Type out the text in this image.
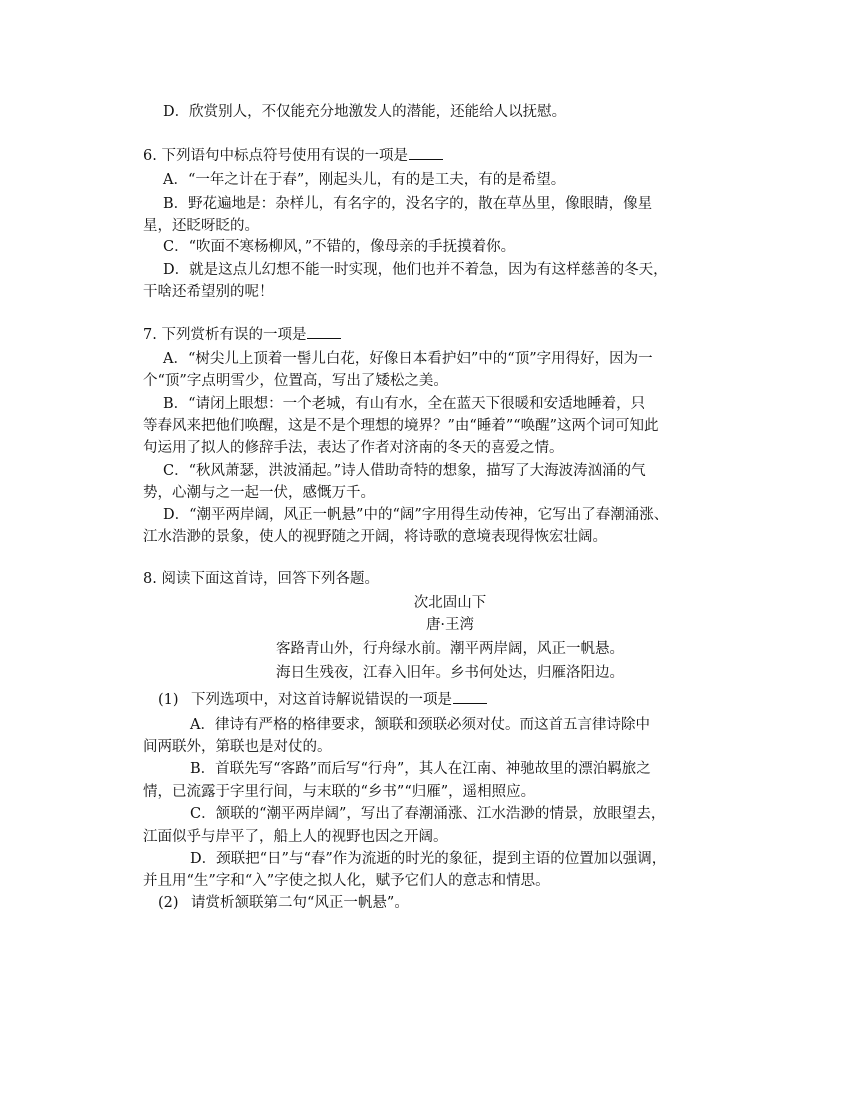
D．欣赏别人，不仅能充分地激发人的潜能，还能给人以抚慰。
6. 下列语句中标点符号使用有误的一项是
A．“一年之计在于春”，刚起头儿，有的是工夫，有的是希望。
B．野花遍地是：杂样儿，有名字的，没名字的，散在草丛里，像眼睛，像星
星，还眨呀眨的。
C．“吹面不寒杨柳风，”不错的，像母亲的手抚摸着你。
D．就是这点儿幻想不能一时实现，他们也并不着急，因为有这样慈善的冬天，
干啥还希望别的呢！
7. 下列赏析有误的一项是
A．“树尖儿上顶着一髻儿白花，好像日本看护妇”中的“顶”字用得好，因为一
个“顶”字点明雪少，位置高，写出了矮松之美。
B．“请闭上眼想：一个老城，有山有水，全在蓝天下很暖和安适地睡着，只
等春风来把他们唤醒，这是不是个理想的境界？”由“睡着”“唤醒”这两个词可知此
句运用了拟人的修辞手法，表达了作者对济南的冬天的喜爱之情。
C．“秋风萧瑟，洪波涌起。”诗人借助奇特的想象，描写了大海波涛汹涌的气
势，心潮与之一起一伏，感慨万千。
D．“潮平两岸阔，风正一帆悬”中的“阔”字用得生动传神，它写出了春潮涌涨、
江水浩渺的景象，使人的视野随之开阔，将诗歌的意境表现得恢宏壮阔。
8. 阅读下面这首诗，回答下列各题。
次北固山下
唐·王湾
客路青山外，行舟绿水前。潮平两岸阔，风正一帆悬。
海日生残夜，江春入旧年。乡书何处达，归雁洛阳边。
(1) 下列选项中，对这首诗解说错误的一项是
A．律诗有严格的格律要求，颔联和颈联必须对仗。而这首五言律诗除中
间两联外，第联也是对仗的。
B．首联先写“客路”而后写“行舟”，其人在江南、神驰故里的漂泊羁旅之
情，已流露于字里行间，与末联的“乡书”“归雁”，遥相照应。
C．颔联的“潮平两岸阔”，写出了春潮涌涨、江水浩渺的情景，放眼望去，
江面似乎与岸平了，船上人的视野也因之开阔。
D．颈联把“日”与“春”作为流逝的时光的象征，提到主语的位置加以强调，
并且用“生”字和“入”字使之拟人化，赋予它们人的意志和情思。
(2) 请赏析颔联第二句“风正一帆悬”。
